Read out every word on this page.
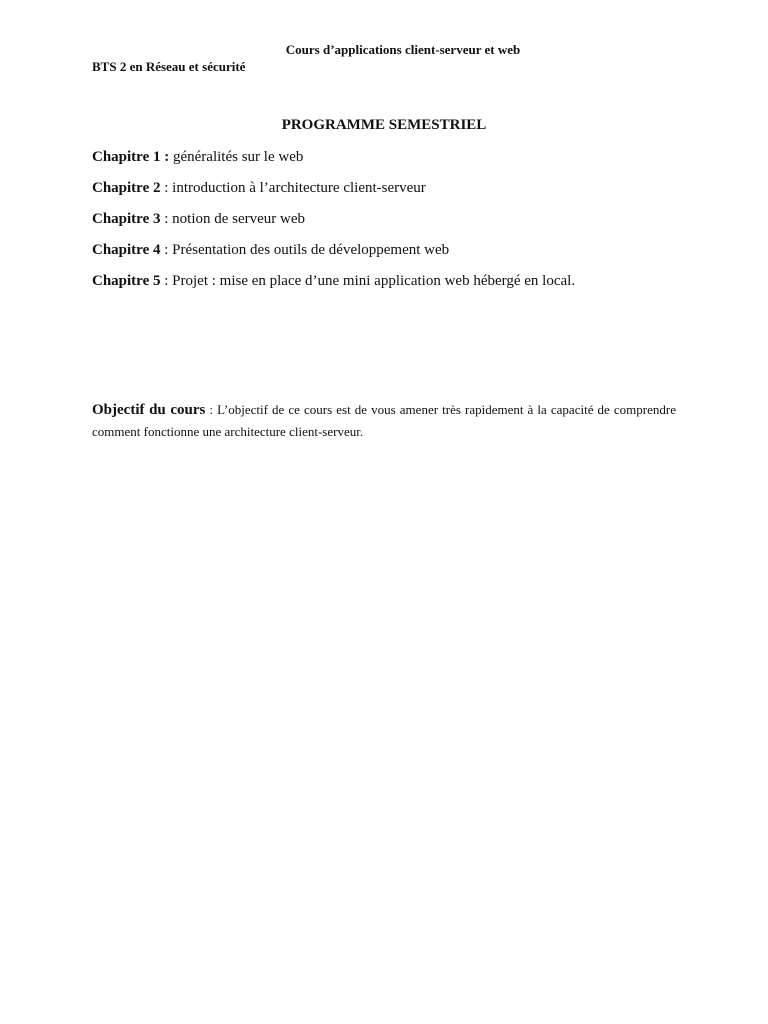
Cours d’applications client-serveur et web

BTS 2 en Réseau et sécurité

PROGRAMME SEMESTRIEL

Chapitre 1 : généralités sur le web
Chapitre 2 : introduction à l’architecture client-serveur
Chapitre 3 : notion de serveur web
Chapitre 4 : Présentation des outils de développement web
Chapitre 5 : Projet : mise en place d’une mini application web hébergé en local.

Objectif du cours : L’objectif de ce cours est de vous amener très rapidement à la capacité de comprendre comment fonctionne une architecture client-serveur.
